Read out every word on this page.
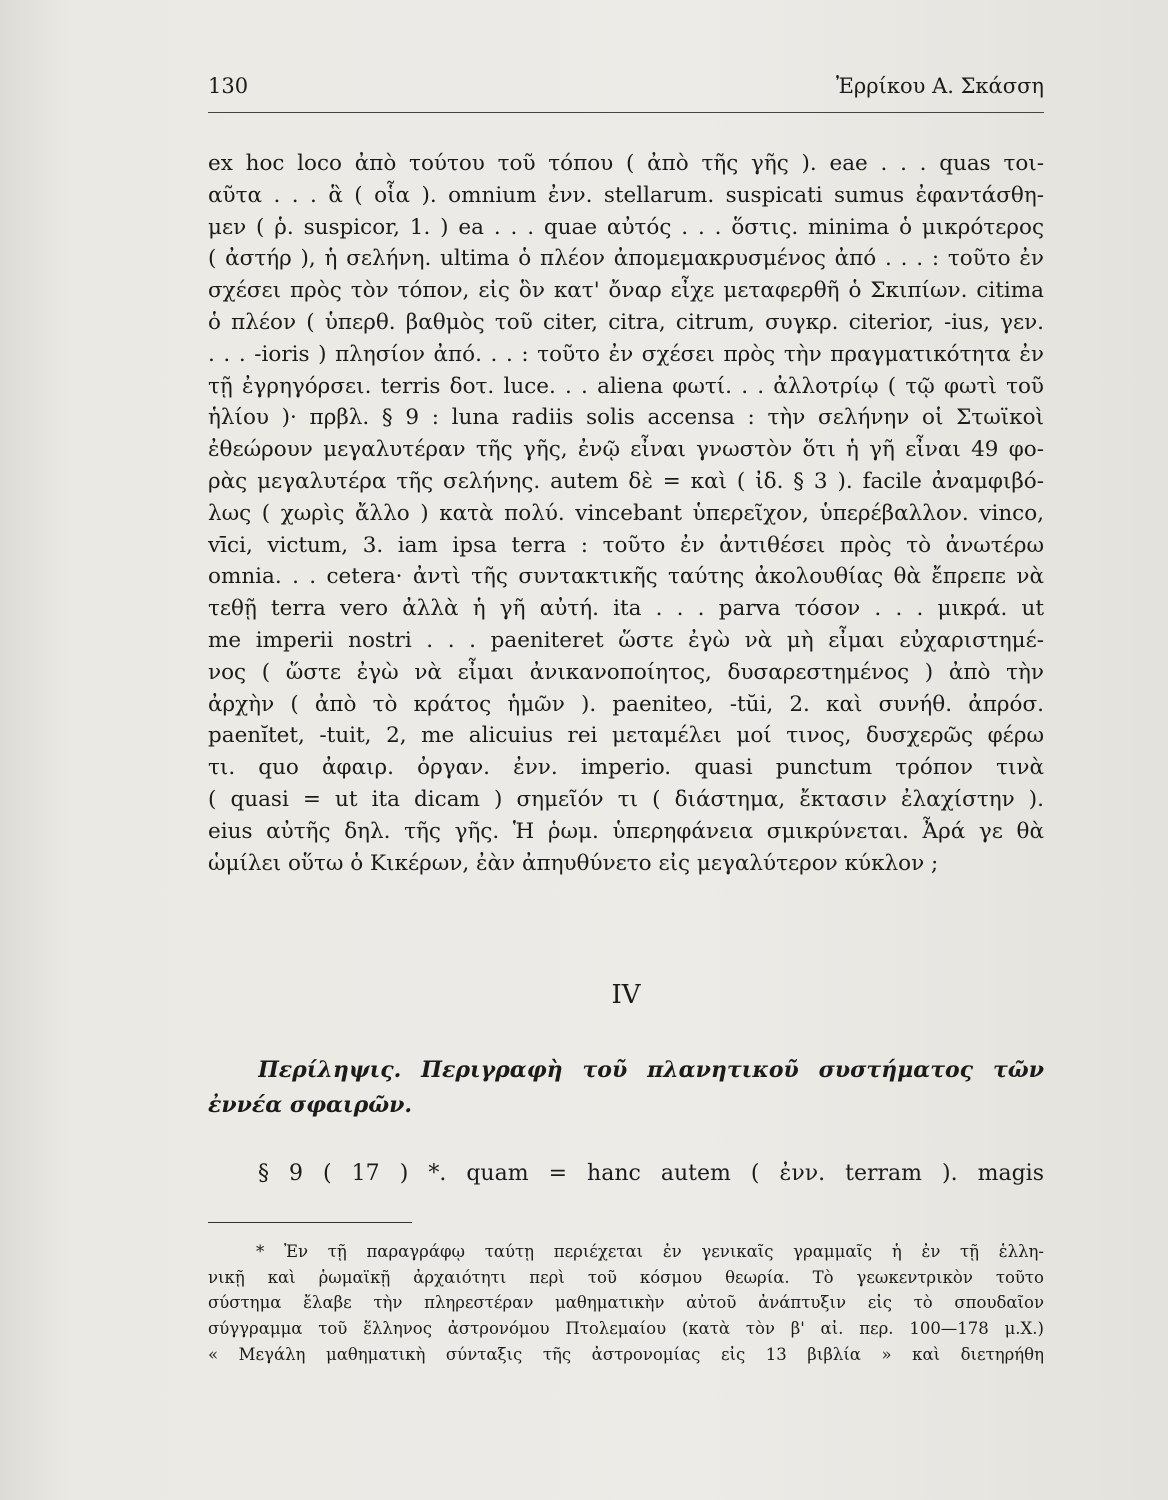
130	Ἐρρίκου Α. Σκάσση
ex hoc loco ἀπὸ τούτου τοῦ τόπου ( ἀπὸ τῆς γῆς ). eae . . . quas τοι-
αῦτα . . . ἃ ( οἷα ). omnium ἐνν. stellarum. suspicati sumus ἐφαντάσθη-
μεν ( ῥ. suspicor, 1. ) ea . . . quae αὐτός . . . ὅστις. minima ὁ μικρότερος
( ἀστήρ ), ἡ σελήνη. ultima ὁ πλέον ἀπομεμακρυσμένος ἀπό . . . : τοῦτο ἐν
σχέσει πρὸς τὸν τόπον, εἰς ὃν κατ' ὄναρ εἶχε μεταφερθῆ ὁ Σκιπίων. citima
ὁ πλέον ( ὑπερθ. βαθμὸς τοῦ citer, citra, citrum, συγκρ. citerior, -ius, γεν.
. . . -ioris ) πλησίον ἀπό. . . : τοῦτο ἐν σχέσει πρὸς τὴν πραγματικότητα ἐν
τῇ ἐγρηγόρσει. terris δοτ. luce. . . aliena φωτί. . . ἀλλοτρίῳ ( τῷ φωτὶ τοῦ
ἡλίου )· πρβλ. § 9 : luna radiis solis accensa : τὴν σελήνην οἱ Στωϊκοὶ
ἐθεώρουν μεγαλυτέραν τῆς γῆς, ἐνῷ εἶναι γνωστὸν ὅτι ἡ γῆ εἶναι 49 φο-
ρὰς μεγαλυτέρα τῆς σελήνης. autem δὲ = καὶ ( ἰδ. § 3 ). facile ἀναμφιβό-
λως ( χωρὶς ἄλλο ) κατὰ πολύ. vincebant ὑπερεῖχον, ὑπερέβαλλον. vinco,
vīci, victum, 3. iam ipsa terra : τοῦτο ἐν ἀντιθέσει πρὸς τὸ ἀνωτέρω
omnia. . . cetera· ἀντὶ τῆς συντακτικῆς ταύτης ἀκολουθίας θὰ ἔπρεπε νὰ
τεθῇ terra vero ἀλλὰ ἡ γῆ αὐτή. ita . . . parva τόσον . . . μικρά. ut
me imperii nostri . . . paeniteret ὥστε ἐγὼ νὰ μὴ εἶμαι εὐχαριστημέ-
νος ( ὥστε ἐγὼ νὰ εἶμαι ἀνικανοποίητος, δυσαρεστημένος ) ἀπὸ τὴν
ἀρχὴν ( ἀπὸ τὸ κράτος ἡμῶν ). paeniteo, -tŭi, 2. καὶ συνήθ. ἀπρόσ.
paenĭtet, -tuit, 2, me alicuius rei μεταμέλει μοί τινος, δυσχερῶς φέρω
τι. quo ἀφαιρ. ὀργαν. ἐνν. imperio. quasi punctum τρόπον τινὰ
( quasi = ut ita dicam ) σημεῖόν τι ( διάστημα, ἔκτασιν ἐλαχίστην ).
eius αὐτῆς δηλ. τῆς γῆς. Ἡ ῥωμ. ὑπερηφάνεια σμικρύνεται. Ἆρά γε θὰ
ὡμίλει οὕτω ὁ Κικέρων, ἐὰν ἀπηυθύνετο εἰς μεγαλύτερον κύκλον ;
IV
Περίληψις. Περιγραφὴ τοῦ πλανητικοῦ συστήματος τῶν
ἐννέα σφαιρῶν.
§ 9 ( 17 ) *. quam = hanc autem ( ἐνν. terram ). magis
* Ἐν τῇ παραγράφῳ ταύτῃ περιέχεται ἐν γενικαῖς γραμμαῖς ἡ ἐν τῇ ἑλλη-
νικῇ καὶ ῥωμαϊκῇ ἀρχαιότητι περὶ τοῦ κόσμου θεωρία. Τὸ γεωκεντρικὸν τοῦτο
σύστημα ἔλαβε τὴν πληρεστέραν μαθηματικὴν αὐτοῦ ἀνάπτυξιν εἰς τὸ σπουδαῖον
σύγγραμμα τοῦ ἕλληνος ἀστρονόμου Πτολεμαίου (κατὰ τὸν β' αἰ. περ. 100—178 μ.Χ.)
« Μεγάλη μαθηματικὴ σύνταξις τῆς ἀστρονομίας εἰς 13 βιβλία » καὶ διετηρήθη
